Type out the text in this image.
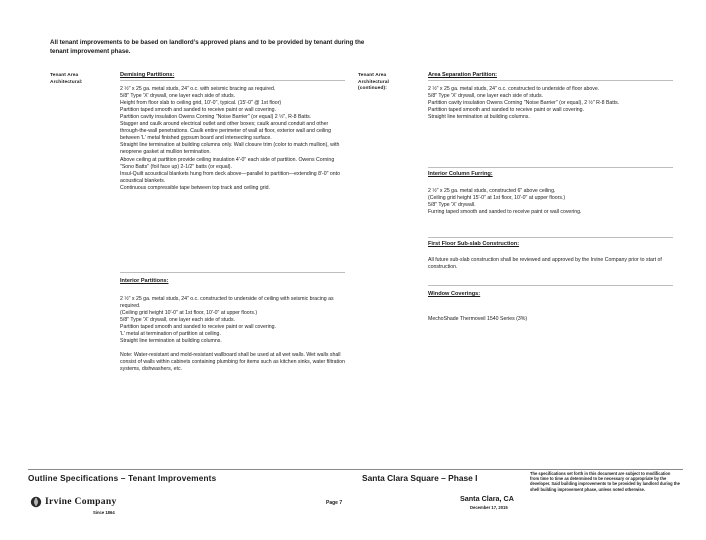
All tenant improvements to be based on landlord’s approved plans and to be provided by tenant during the tenant improvement phase.
Tenant Area Architectural:

Demising Partitions:

2 ½" x 25 ga. metal studs, 24" o.c. with seismic bracing as required.

5/8" Type 'X' drywall, one layer each side of studs.

Height from floor slab to ceiling grid, 10'-0", typical. (15'-0" @ 1st floor)

Partition taped smooth and sanded to receive paint or wall covering.

Partition cavity insulation Owens Corning "Noise Barrier" (or equal) 2 ½", R-8 Batts.

Stagger and caulk around electrical outlet and other boxes; caulk around conduit and other through-the-wall penetrations. Caulk entire perimeter of wall at floor, exterior wall and ceiling between 'L' metal finished gypsum board and intersecting surface.

Straight line termination at building columns only. Wall closure trim (color to match mullion), with neoprene gasket at mullion termination.

Above ceiling at partition provide ceiling insulation 4'-0" each side of partition. Owens Corning "Sono Batts" (foil face up) 2-1/2" batts (or equal).

Insul-Quilt acoustical blankets hung from deck above—parallel to partition—extending 8'-0" onto acoustical blankets.

Continuous compressible tape between top track and ceiling grid.

Interior Partitions:

2 ½" x 25 ga. metal studs, 24" o.c. constructed to underside of ceiling with seismic bracing as required.

(Ceiling grid height 10'-0" at 1st floor, 10'-0" at upper floors.)

5/8" Type 'X' drywall, one layer each side of studs.

Partition taped smooth and sanded to receive paint or wall covering.

'L' metal at termination of partition at ceiling.

Straight line termination at building columns.

Note: Water-resistant and mold-resistant wallboard shall be used at all wet walls. Wet walls shall consist of walls within cabinets containing plumbing for items such as kitchen sinks, water filtration systems, dishwashers, etc.

Tenant Area Architectural (continued):

Area Separation Partition:

2 ½" x 25 ga. metal studs, 24" o.c. constructed to underside of floor above.

5/8" Type 'X' drywall, one layer each side of studs.

Partition cavity insulation Owens Corning "Noise Barrier" (or equal), 2 ½" R-8 Batts.

Partition taped smooth and sanded to receive paint or wall covering.

Straight line termination at building columns.

Interior Column Furring:

2 ½" x 25 ga. metal studs, constructed 6" above ceiling.

(Ceiling grid height 15'-0" at 1st floor, 10'-0" at upper floors.)

5/8" Type 'X' drywall.

Furring taped smooth and sanded to receive paint or wall covering.

First Floor Sub-slab Construction:

All future sub-slab construction shall be reviewed and approved by the Irvine Company prior to start of construction.

Window Coverings:

MechoShade Thermoveil 1540 Series (3%)

Outline Specifications – Tenant Improvements
Irvine Company
Since 1864
Page 7
Santa Clara Square – Phase I
Santa Clara, CA
December 17, 2015
The specifications set forth in this document are subject to modification from time to time as determined to be necessary or appropriate by the developer. Said building improvements to be provided by landlord during the shell building improvement phase, unless noted otherwise.
